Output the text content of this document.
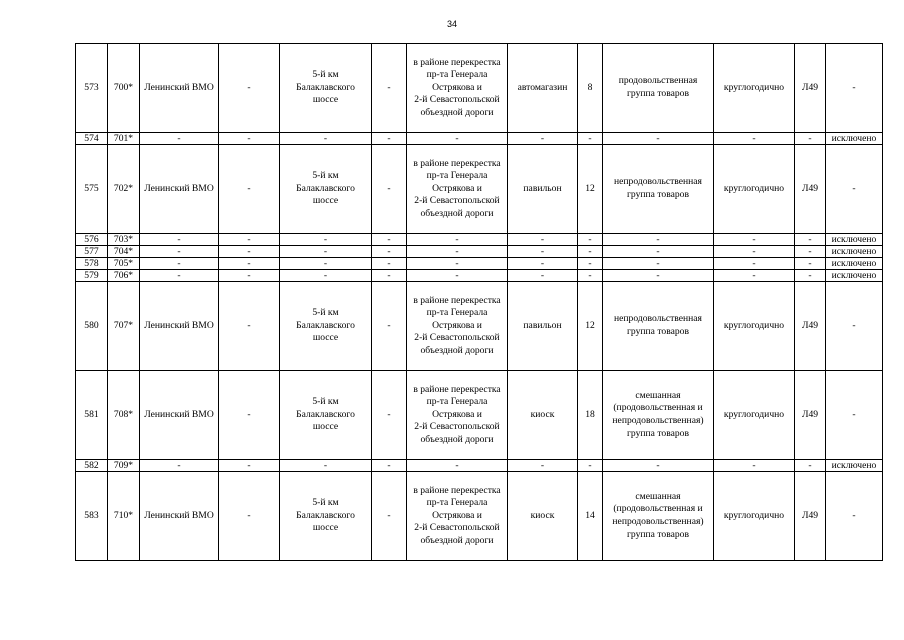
34
573	700*	Ленинский ВМО	-	5-й км
Балаклавского
шоссе	-	в районе перекрестка
пр-та Генерала
Острякова и
2-й Севастопольской
объездной дороги	автомагазин	8	продовольственная
группа товаров	круглогодично	Л49	-
574	701*	-	-	-	-	-	-	-	-	-	-	исключено
575	702*	Ленинский ВМО	-	5-й км
Балаклавского
шоссе	-	в районе перекрестка
пр-та Генерала
Острякова и
2-й Севастопольской
объездной дороги	павильон	12	непродовольственная
группа товаров	круглогодично	Л49	-
576	703*	-	-	-	-	-	-	-	-	-	-	исключено
577	704*	-	-	-	-	-	-	-	-	-	-	исключено
578	705*	-	-	-	-	-	-	-	-	-	-	исключено
579	706*	-	-	-	-	-	-	-	-	-	-	исключено
580	707*	Ленинский ВМО	-	5-й км
Балаклавского
шоссе	-	в районе перекрестка
пр-та Генерала
Острякова и
2-й Севастопольской
объездной дороги	павильон	12	непродовольственная
группа товаров	круглогодично	Л49	-
581	708*	Ленинский ВМО	-	5-й км
Балаклавского
шоссе	-	в районе перекрестка
пр-та Генерала
Острякова и
2-й Севастопольской
объездной дороги	киоск	18	смешанная
(продовольственная и
непродовольственная)
группа товаров	круглогодично	Л49	-
582	709*	-	-	-	-	-	-	-	-	-	-	исключено
583	710*	Ленинский ВМО	-	5-й км
Балаклавского
шоссе	-	в районе перекрестка
пр-та Генерала
Острякова и
2-й Севастопольской
объездной дороги	киоск	14	смешанная
(продовольственная и
непродовольственная)
группа товаров	круглогодично	Л49	-
